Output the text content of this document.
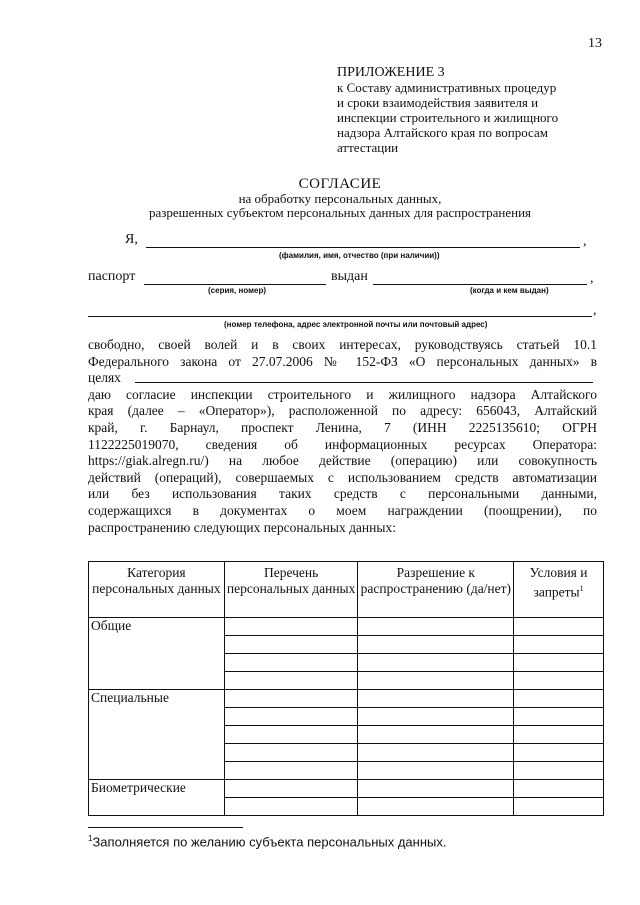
13
ПРИЛОЖЕНИЕ 3
к Составу административных процедур
и сроки взаимодействия заявителя и
инспекции строительного и жилищного
надзора Алтайского края по вопросам
аттестации
СОГЛАСИЕ
на обработку персональных данных,
разрешенных субъектом персональных данных для распространения
Я,	,
(фамилия, имя, отчество (при наличии))
паспорт
(серия, номер)
выдан	,
(когда и кем выдан)
,
(номер телефона, адрес электронной почты или почтовый адрес)
свободно, своей волей и в своих интересах, руководствуясь статьей 10.1
Федерального закона от 27.07.2006 № 152-ФЗ «О персональных данных» в
целях
даю согласие инспекции строительного и жилищного надзора Алтайского
края (далее – «Оператор»), расположенной по адресу: 656043, Алтайский
край, г. Барнаул, проспект Ленина, 7 (ИНН 2225135610; ОГРН
1122225019070, сведения об информационных ресурсах Оператора:
https://giak.alregn.ru/) на любое действие (операцию) или совокупность
действий (операций), совершаемых с использованием средств автоматизации
или без использования таких средств с персональными данными,
содержащихся в документах о моем награждении (поощрении), по
распространению следующих персональных данных:
Категория персональных данных	Перечень персональных данных	Разрешение к распространению (да/нет)	Условия и запреты$^1$
Общие			

Специальные			

Биометрические			

$^1$Заполняется по желанию субъекта персональных данных.
